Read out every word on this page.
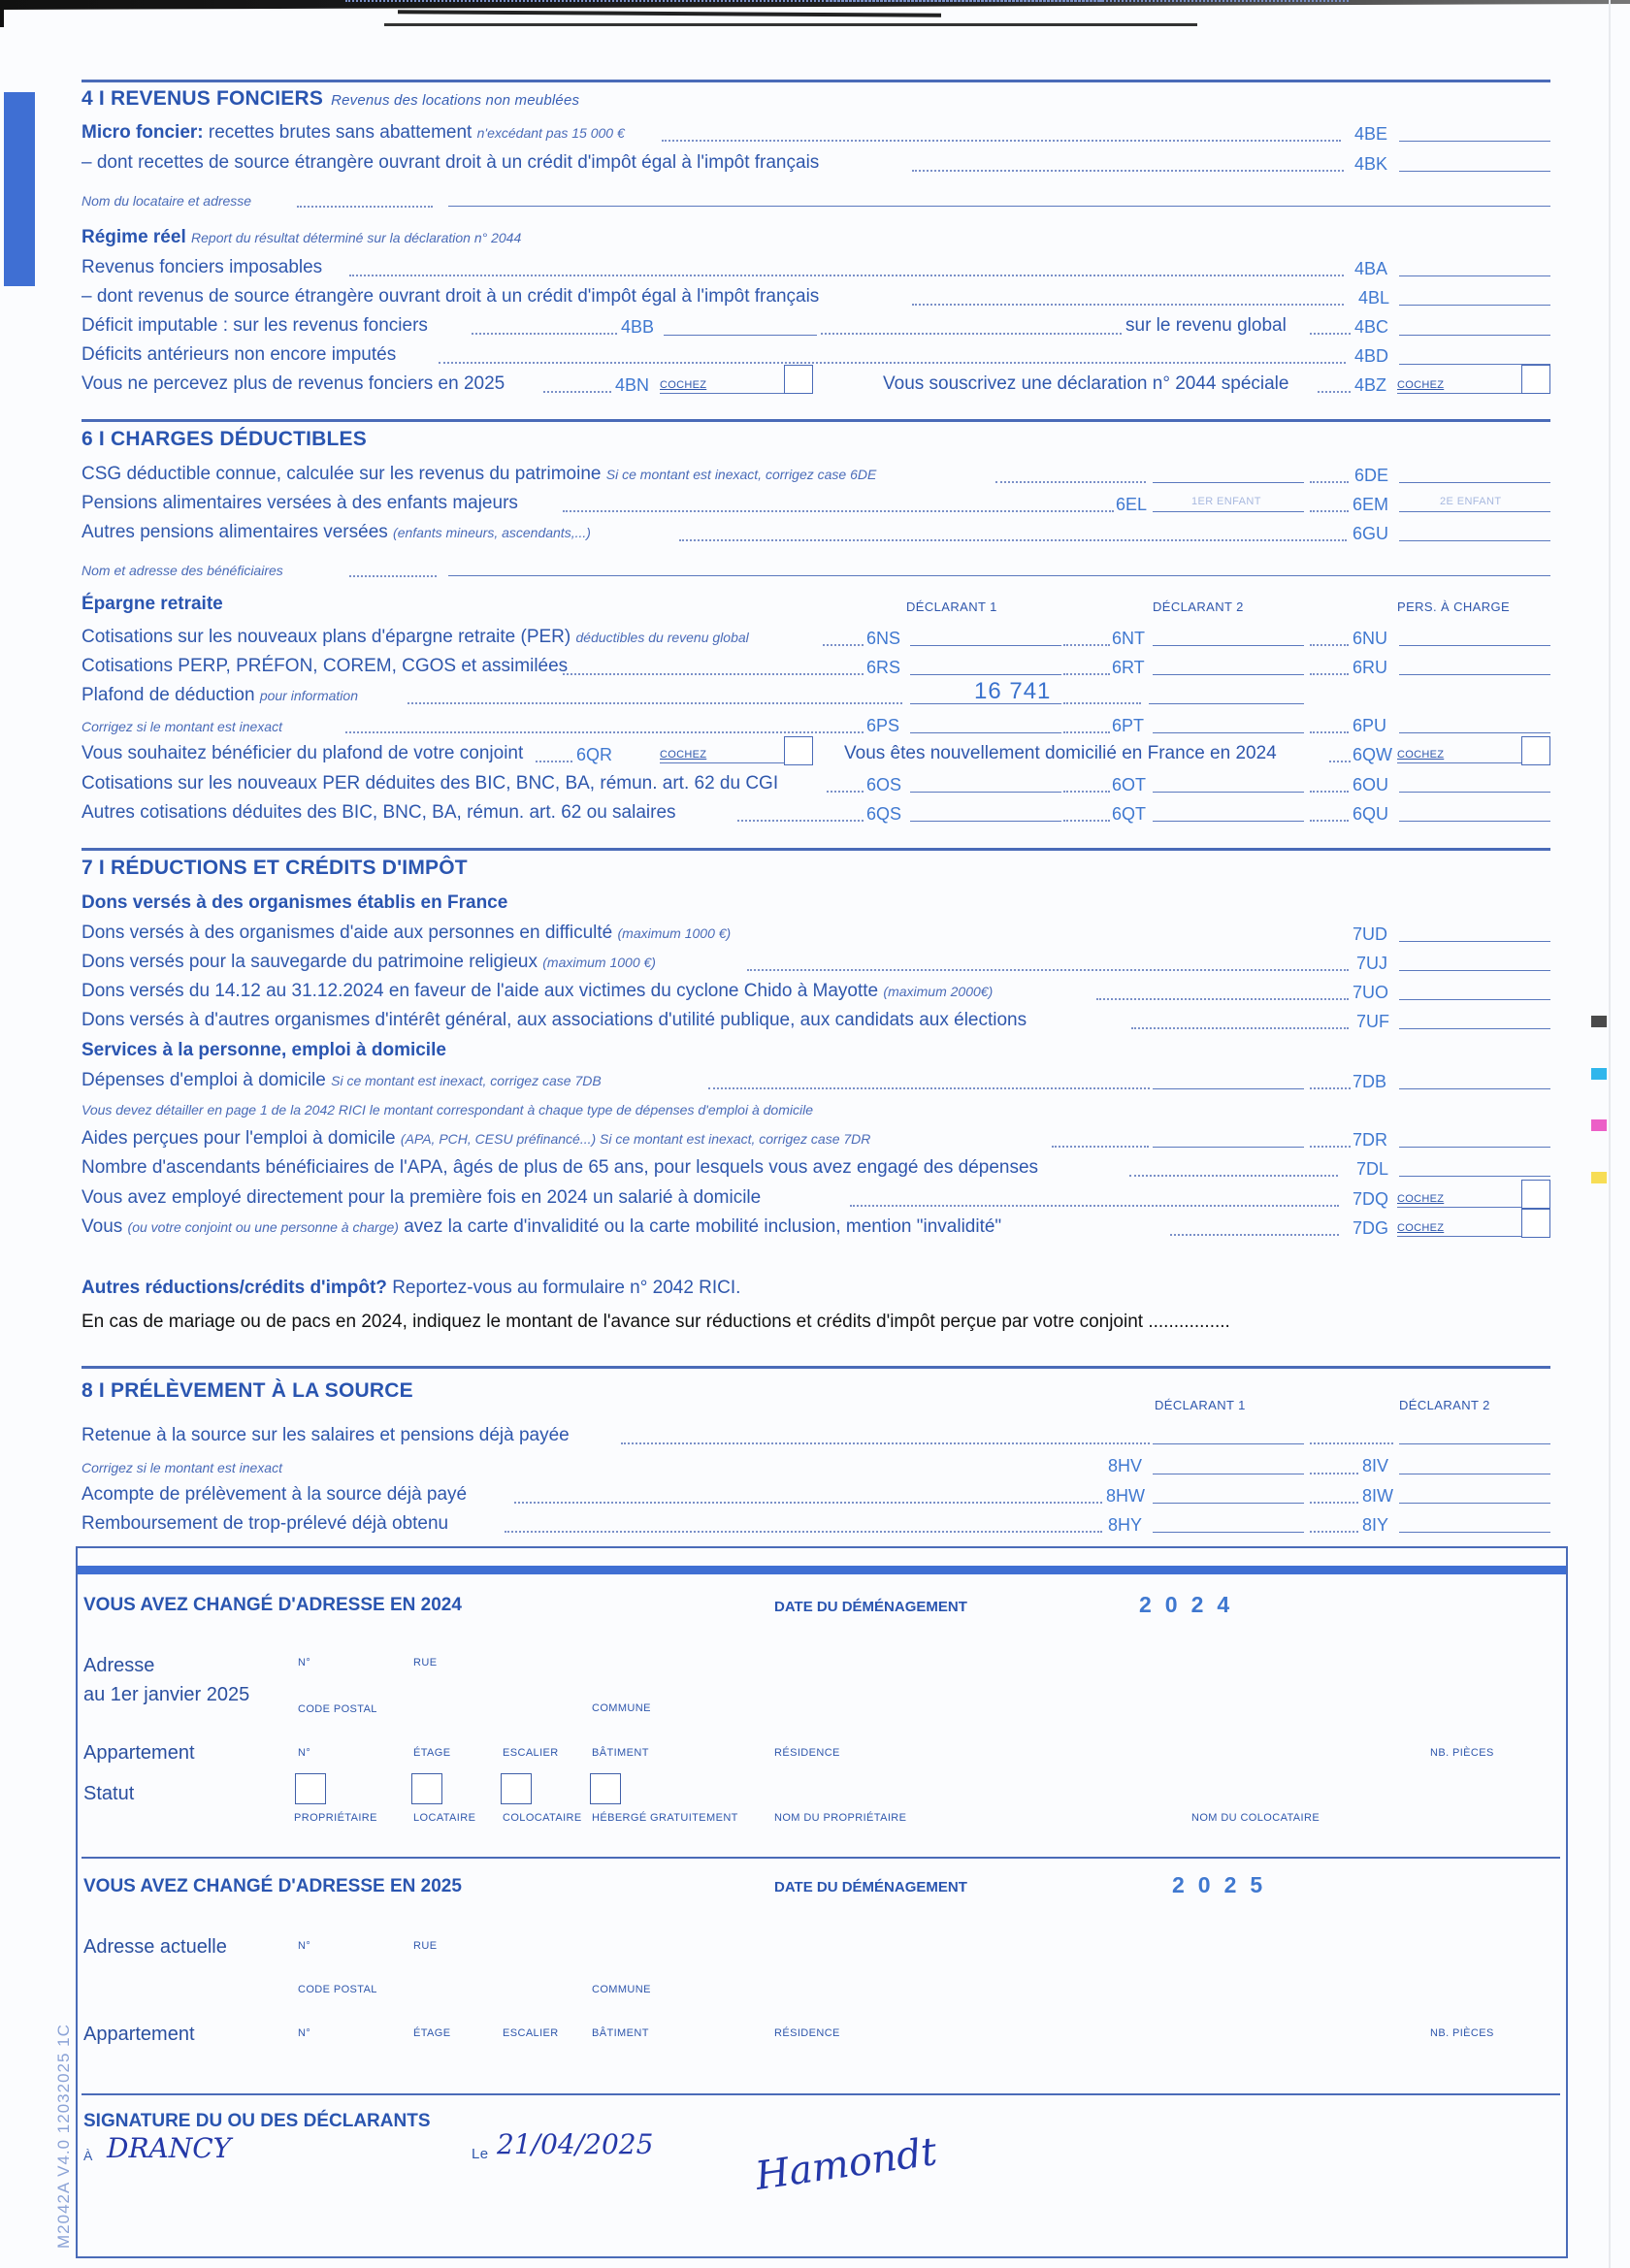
4 I REVENUS FONCIERS Revenus des locations non meublées
Micro foncier: recettes brutes sans abattement n'excédant pas 15 000 €	4BE
– dont recettes de source étrangère ouvrant droit à un crédit d'impôt égal à l'impôt français	4BK
Nom du locataire et adresse
Régime réel Report du résultat déterminé sur la déclaration n° 2044
Revenus fonciers imposables	4BA
– dont revenus de source étrangère ouvrant droit à un crédit d'impôt égal à l'impôt français	4BL
Déficit imputable : sur les revenus fonciers	4BB	sur le revenu global	4BC
Déficits antérieurs non encore imputés	4BD
Vous ne percevez plus de revenus fonciers en 2025	4BN COCHEZ	Vous souscrivez une déclaration n° 2044 spéciale	4BZ COCHEZ
6 I CHARGES DÉDUCTIBLES
CSG déductible connue, calculée sur les revenus du patrimoine Si ce montant est inexact, corrigez case 6DE	6DE
Pensions alimentaires versées à des enfants majeurs	6EL	1ER ENFANT	6EM	2E ENFANT
Autres pensions alimentaires versées (enfants mineurs, ascendants,...)	6GU
Nom et adresse des bénéficiaires
Épargne retraite	DÉCLARANT 1	DÉCLARANT 2	PERS. À CHARGE
Cotisations sur les nouveaux plans d'épargne retraite (PER) déductibles du revenu global	6NS	6NT	6NU
Cotisations PERP, PRÉFON, COREM, CGOS et assimilées	6RS	6RT	6RU
Plafond de déduction pour information	16 741
Corrigez si le montant est inexact	6PS	6PT	6PU
Vous souhaitez bénéficier du plafond de votre conjoint	6QR	COCHEZ	Vous êtes nouvellement domicilié en France en 2024	6QW COCHEZ
Cotisations sur les nouveaux PER déduites des BIC, BNC, BA, rémun. art. 62 du CGI	6OS	6OT	6OU
Autres cotisations déduites des BIC, BNC, BA, rémun. art. 62 ou salaires	6QS	6QT	6QU
7 I RÉDUCTIONS ET CRÉDITS D'IMPÔT
Dons versés à des organismes établis en France
Dons versés à des organismes d'aide aux personnes en difficulté (maximum 1000 €)	7UD
Dons versés pour la sauvegarde du patrimoine religieux (maximum 1000 €)	7UJ
Dons versés du 14.12 au 31.12.2024 en faveur de l'aide aux victimes du cyclone Chido à Mayotte (maximum 2000€)	7UO
Dons versés à d'autres organismes d'intérêt général, aux associations d'utilité publique, aux candidats aux élections	7UF
Services à la personne, emploi à domicile
Dépenses d'emploi à domicile Si ce montant est inexact, corrigez case 7DB	7DB
Vous devez détailler en page 1 de la 2042 RICI le montant correspondant à chaque type de dépenses d'emploi à domicile
Aides perçues pour l'emploi à domicile (APA, PCH, CESU préfinancé...) Si ce montant est inexact, corrigez case 7DR	7DR
Nombre d'ascendants bénéficiaires de l'APA, âgés de plus de 65 ans, pour lesquels vous avez engagé des dépenses	7DL
Vous avez employé directement pour la première fois en 2024 un salarié à domicile	7DQ COCHEZ
Vous (ou votre conjoint ou une personne à charge) avez la carte d'invalidité ou la carte mobilité inclusion, mention "invalidité"	7DG COCHEZ
Autres réductions/crédits d'impôt? Reportez-vous au formulaire n° 2042 RICI.
En cas de mariage ou de pacs en 2024, indiquez le montant de l'avance sur réductions et crédits d'impôt perçue par votre conjoint ................
8 I PRÉLÈVEMENT À LA SOURCE
DÉCLARANT 1	DÉCLARANT 2
Retenue à la source sur les salaires et pensions déjà payée
Corrigez si le montant est inexact	8HV	8IV
Acompte de prélèvement à la source déjà payé	8HW	8IW
Remboursement de trop-prélevé déjà obtenu	8HY	8IY
VOUS AVEZ CHANGÉ D'ADRESSE EN 2024	DATE DU DÉMÉNAGEMENT	2024
Adresse
au 1er janvier 2025
N°	RUE
CODE POSTAL	COMMUNE
Appartement	N°	ÉTAGE	ESCALIER	BÂTIMENT	RÉSIDENCE	NB. PIÈCES
Statut
PROPRIÉTAIRE	LOCATAIRE	COLOCATAIRE HÉBERGÉ GRATUITEMENT	NOM DU PROPRIÉTAIRE	NOM DU COLOCATAIRE
VOUS AVEZ CHANGÉ D'ADRESSE EN 2025	DATE DU DÉMÉNAGEMENT	2025
Adresse actuelle	N°	RUE
CODE POSTAL	COMMUNE
Appartement	N°	ÉTAGE	ESCALIER	BÂTIMENT	RÉSIDENCE	NB. PIÈCES
SIGNATURE DU OU DES DÉCLARANTS
À DRANCY	Le 21/04/2025	Hamondt
M2042A V4.0 12032025 1C
